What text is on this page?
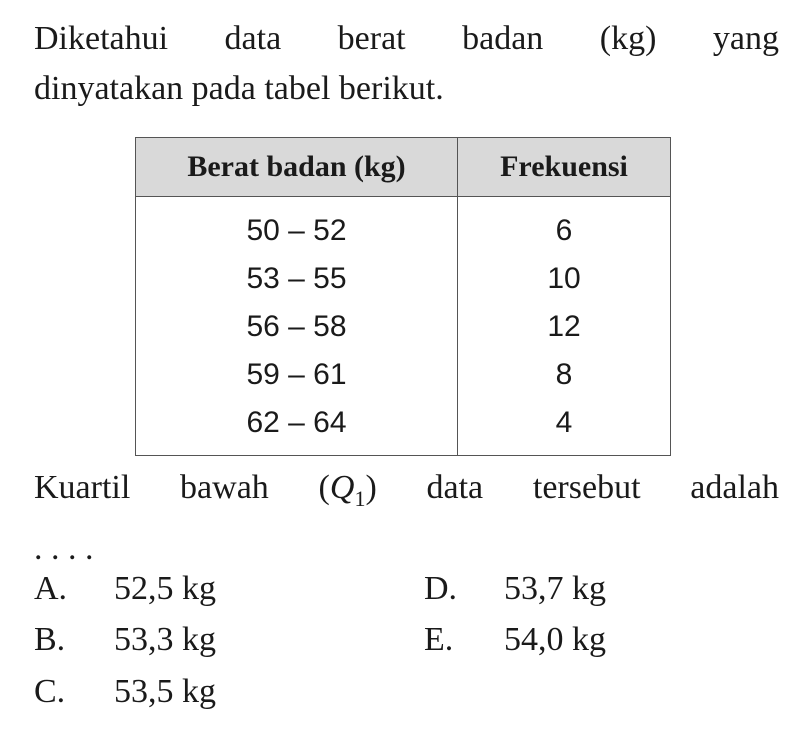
Diketahui data berat badan (kg) yang
dinyatakan pada tabel berikut.

Berat badan (kg)	Frekuensi
50 – 52	6
53 – 55	10
56 – 58	12
59 – 61	8
62 – 64	4

Kuartil bawah $(Q_1)$ data tersebut adalah
. . . .

A. 52,5 kg
B. 53,3 kg
C. 53,5 kg
D. 53,7 kg
E. 54,0 kg
